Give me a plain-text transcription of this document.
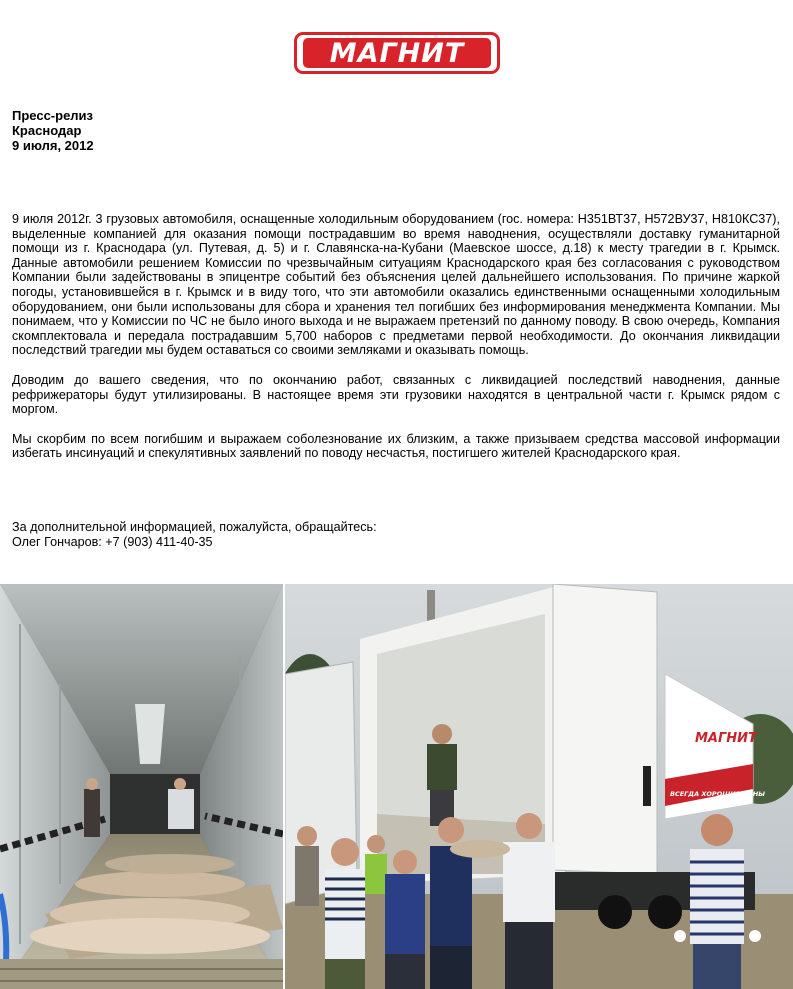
МАГНИТ
Пресс-релиз
Краснодар
9 июля, 2012

9 июля 2012г. 3 грузовых автомобиля, оснащенные холодильным оборудованием (гос. номера: Н351ВТ37, Н572ВУ37, Н810КС37), выделенные компанией для оказания помощи пострадавшим во время наводнения, осуществляли доставку гуманитарной помощи из г. Краснодара (ул. Путевая, д. 5) и г. Славянска-на-Кубани (Маевское шоссе, д.18) к месту трагедии в г. Крымск. Данные автомобили решением Комиссии по чрезвычайным ситуациям Краснодарского края без согласования с руководством Компании были задействованы в эпицентре событий без объяснения целей дальнейшего использования. По причине жаркой погоды, установившейся в г. Крымск и в виду того, что эти автомобили оказались единственными оснащенными холодильным оборудованием, они были использованы для сбора и хранения тел погибших без информирования менеджмента Компании. Мы понимаем, что у Комиссии по ЧС не было иного выхода и не выражаем претензий по данному поводу. В свою очередь, Компания скомплектовала и передала пострадавшим 5,700 наборов с предметами первой необходимости. До окончания ликвидации последствий трагедии мы будем оставаться со своими земляками и оказывать помощь.

Доводим до вашего сведения, что по окончанию работ, связанных с ликвидацией последствий наводнения, данные рефрижераторы будут утилизированы. В настоящее время эти грузовики находятся в центральной части г. Крымск рядом с моргом.

Мы скорбим по всем погибшим и выражаем соболезнование их близким, а также призываем средства массовой информации избегать инсинуаций и спекулятивных заявлений по поводу несчастья, постигшего жителей Краснодарского края.

За дополнительной информацией, пожалуйста, обращайтесь:
Олег Гончаров: +7 (903) 411-40-35
МАГНИТ
ВСЕГДА ХОРОШИЕ ЦЕНЫ
